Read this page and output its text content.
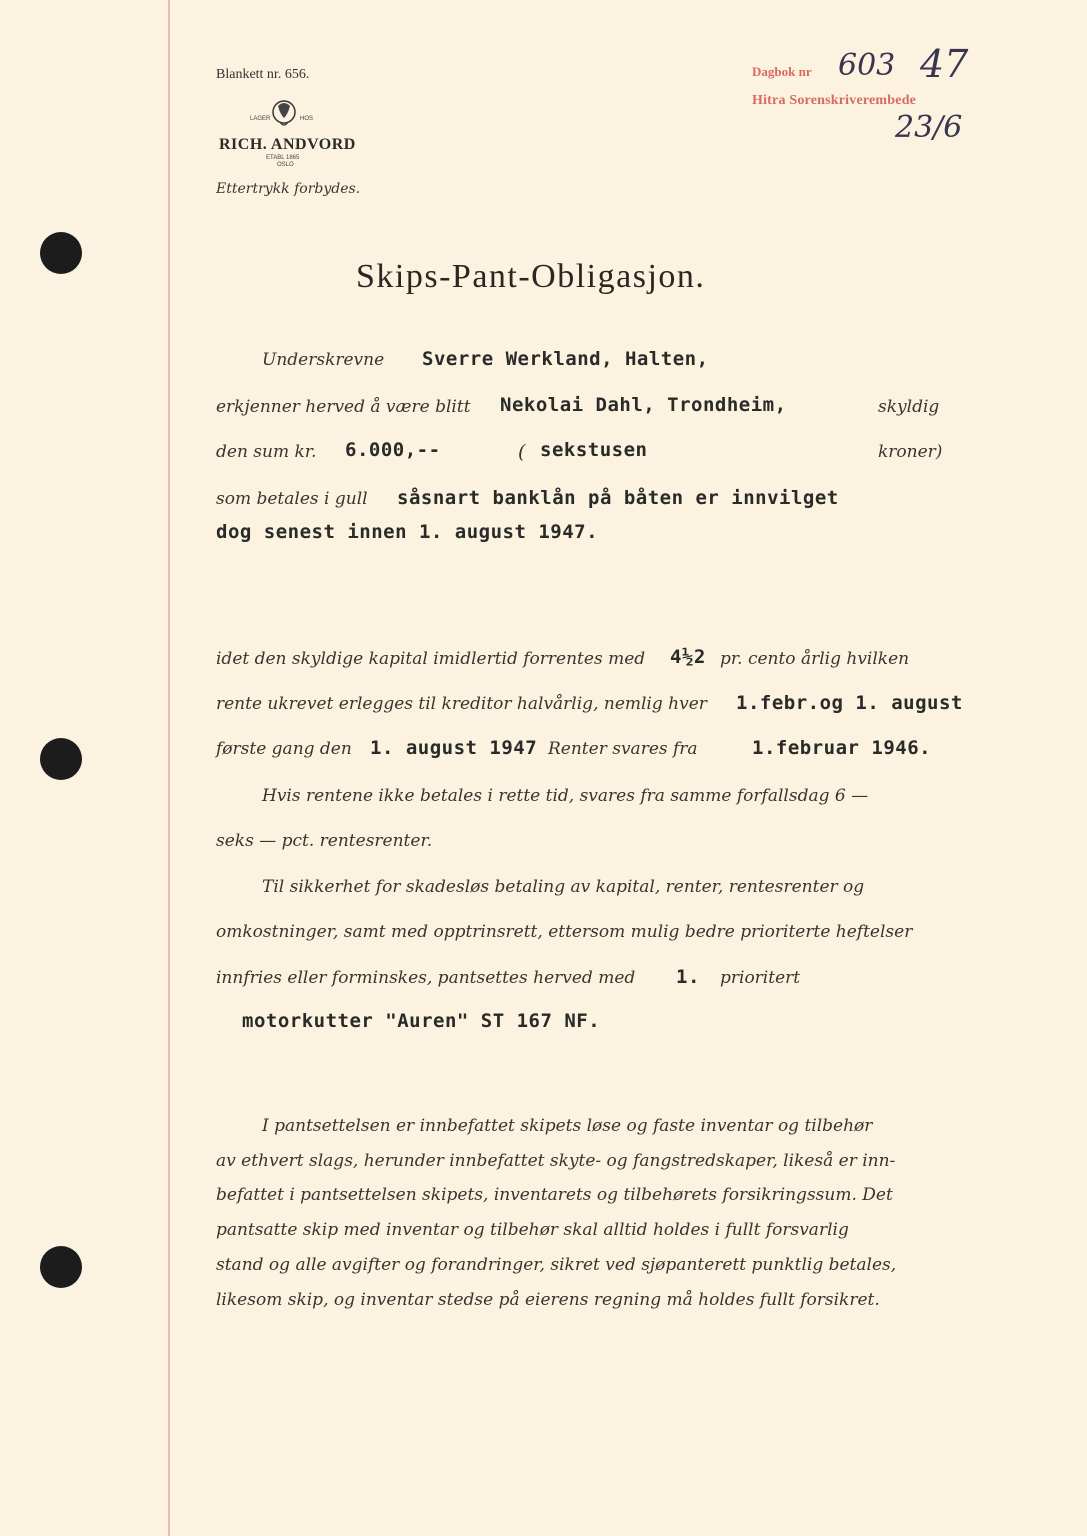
Blankett nr. 656.
LAGER	HOS
RICH. ANDVORD
ETABL 1865
OSLO
Ettertrykk forbydes.
Dagbok nr
Hitra Sorenskriverembede
603 47
23/6
Skips-Pant-Obligasjon.
Underskrevne Sverre Werkland, Halten,
erkjenner herved å være blitt Nekolai Dahl, Trondheim,	skyldig
den sum kr. 6.000,--	( sekstusen	kroner)
som betales i gull såsnart banklån på båten er innvilget
dog senest innen 1. august 1947.
idet den skyldige kapital imidlertid forrentes med 4½2 pr. cento årlig hvilken
rente ukrevet erlegges til kreditor halvårlig, nemlig hver 1.febr.og 1. august
første gang den 1. august 1947 Renter svares fra	1.februar 1946.
Hvis rentene ikke betales i rette tid, svares fra samme forfallsdag 6 —
seks — pct. rentesrenter.
Til sikkerhet for skadesløs betaling av kapital, renter, rentesrenter og
omkostninger, samt med opptrinsrett, ettersom mulig bedre prioriterte heftelser
innfries eller forminskes, pantsettes herved med 1. prioritert
motorkutter "Auren" ST 167 NF.
I pantsettelsen er innbefattet skipets løse og faste inventar og tilbehør
av ethvert slags, herunder innbefattet skyte- og fangstredskaper, likeså er inn-
befattet i pantsettelsen skipets, inventarets og tilbehørets forsikringssum. Det
pantsatte skip med inventar og tilbehør skal alltid holdes i fullt forsvarlig
stand og alle avgifter og forandringer, sikret ved sjøpanterett punktlig betales,
likesom skip, og inventar stedse på eierens regning må holdes fullt forsikret.
